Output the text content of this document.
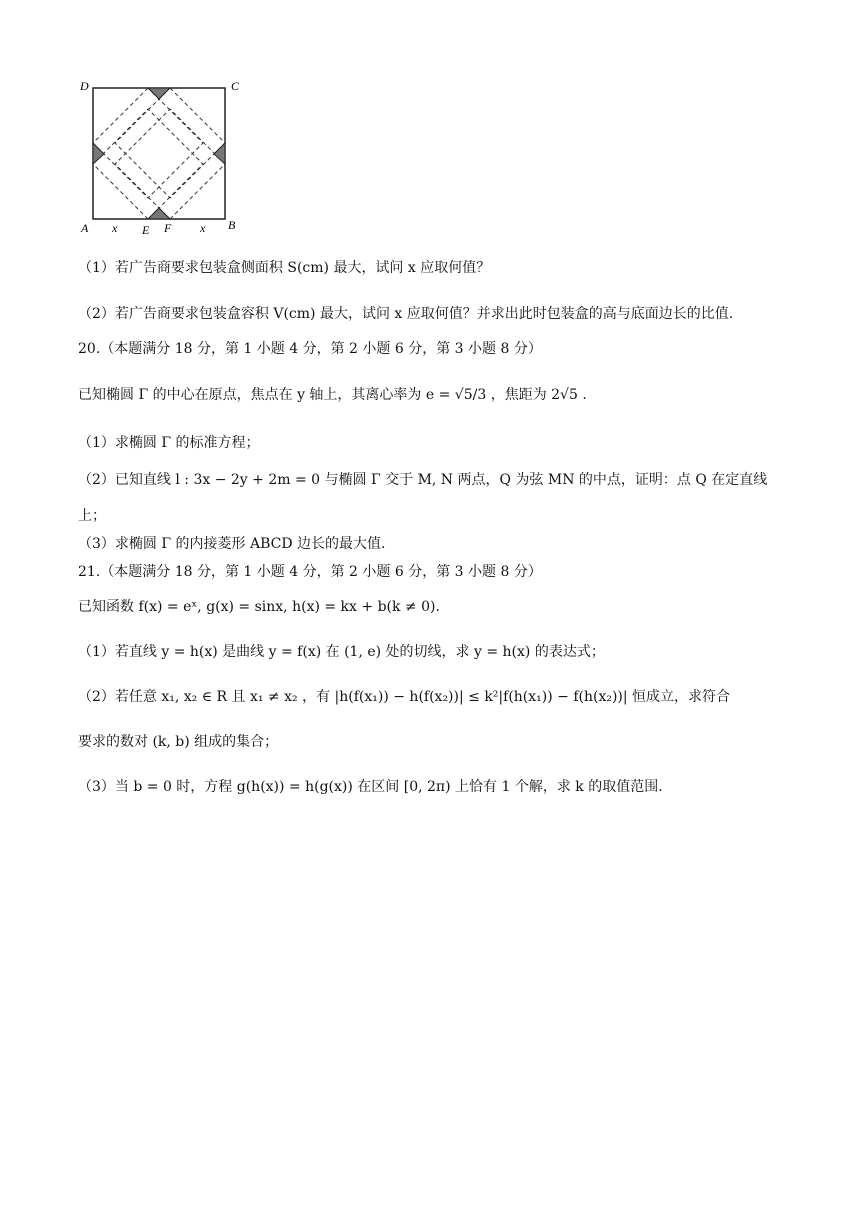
D	C
A	B
x E F x
（1）若广告商要求包装盒侧面积 S(cm) 最大，试问 x 应取何值？
（2）若广告商要求包装盒容积 V(cm) 最大，试问 x 应取何值？并求出此时包装盒的高与底面边长的比值.
20.（本题满分 18 分，第 1 小题 4 分，第 2 小题 6 分，第 3 小题 8 分）
已知椭圆 Γ 的中心在原点，焦点在 y 轴上，其离心率为 e = √5/3 ，焦距为 2√5 .
（1）求椭圆 Γ 的标准方程；
（2）已知直线 l : 3x − 2y + 2m = 0 与椭圆 Γ 交于 M, N 两点，Q 为弦 MN 的中点，证明：点 Q 在定直线
上；
（3）求椭圆 Γ 的内接菱形 ABCD 边长的最大值.
21.（本题满分 18 分，第 1 小题 4 分，第 2 小题 6 分，第 3 小题 8 分）
已知函数 f(x) = eˣ, g(x) = sinx, h(x) = kx + b(k ≠ 0).
（1）若直线 y = h(x) 是曲线 y = f(x) 在 (1, e) 处的切线，求 y = h(x) 的表达式；
（2）若任意 x₁, x₂ ∈ R 且 x₁ ≠ x₂ ，有 |h(f(x₁)) − h(f(x₂))| ≤ k²|f(h(x₁)) − f(h(x₂))| 恒成立，求符合
要求的数对 (k, b) 组成的集合；
（3）当 b = 0 时，方程 g(h(x)) = h(g(x)) 在区间 [0, 2π) 上恰有 1 个解，求 k 的取值范围.
